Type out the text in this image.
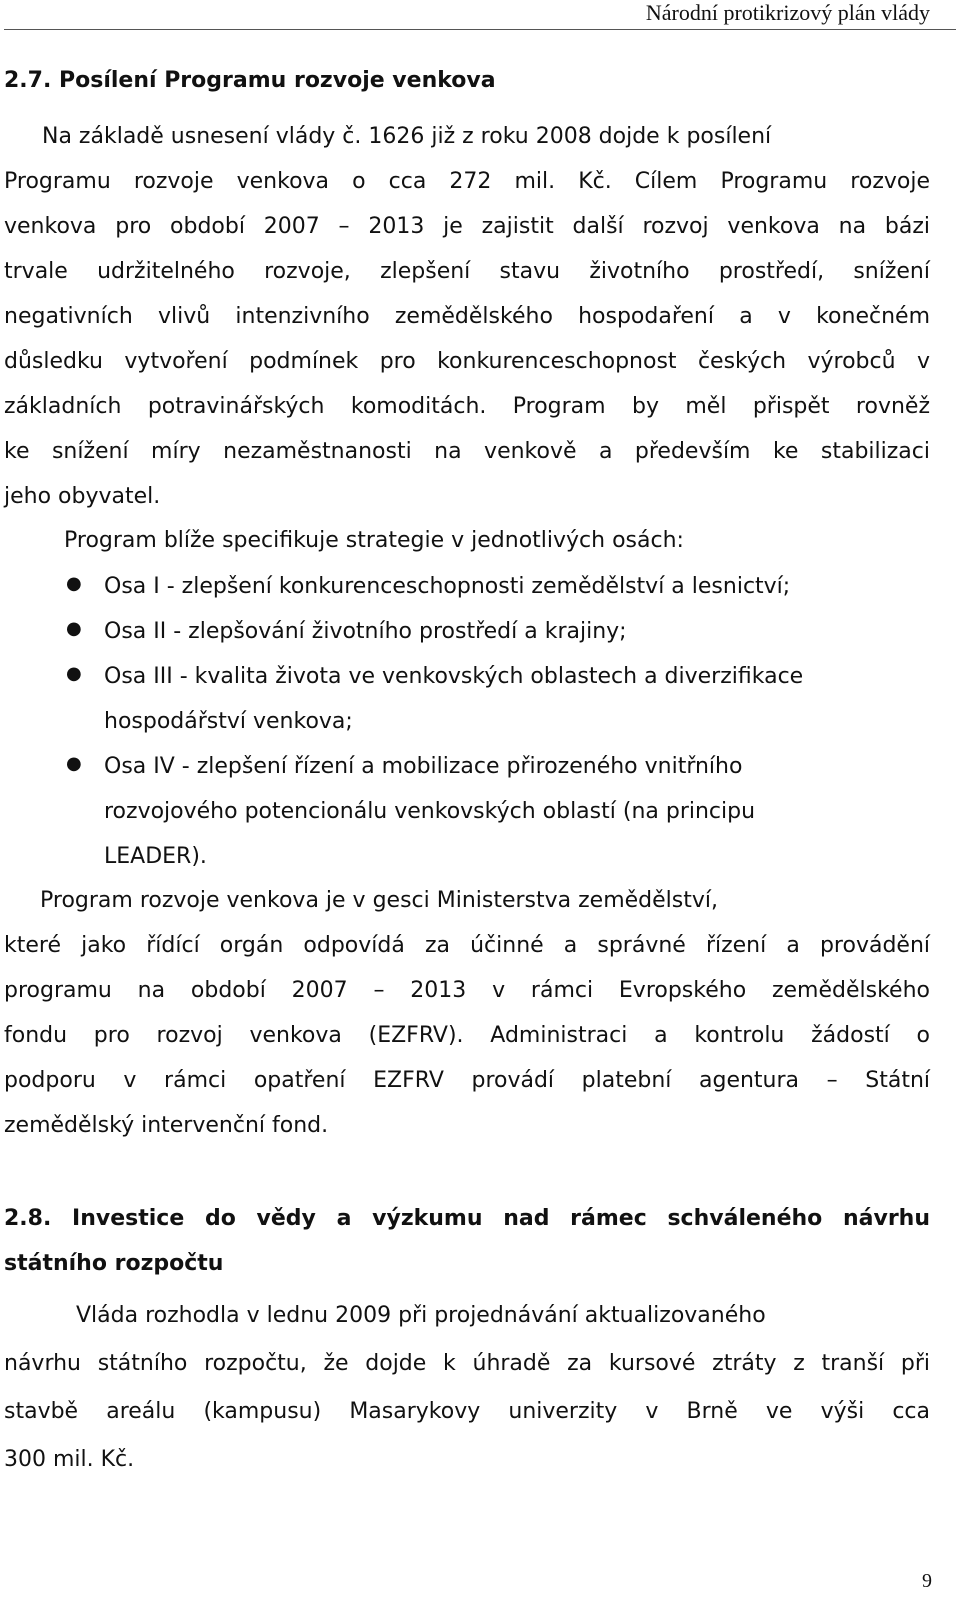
Národní protikrizový plán vlády
2.7. Posílení Programu rozvoje venkova
Na základě usnesení vlády č. 1626 již z roku 2008 dojde k posílení
Programu rozvoje venkova o cca 272 mil. Kč. Cílem Programu rozvoje
venkova pro období 2007 – 2013 je zajistit další rozvoj venkova na bázi
trvale udržitelného rozvoje, zlepšení stavu životního prostředí, snížení
negativních vlivů intenzivního zemědělského hospodaření a v konečném
důsledku vytvoření podmínek pro konkurenceschopnost českých výrobců v
základních potravinářských komoditách. Program by měl přispět rovněž
ke snížení míry nezaměstnanosti na venkově a především ke stabilizaci
jeho obyvatel.
Program blíže specifikuje strategie v jednotlivých osách:
● Osa I - zlepšení konkurenceschopnosti zemědělství a lesnictví;
● Osa II - zlepšování životního prostředí a krajiny;
● Osa III - kvalita života ve venkovských oblastech a diverzifikace
hospodářství venkova;
● Osa IV - zlepšení řízení a mobilizace přirozeného vnitřního
rozvojového potencionálu venkovských oblastí (na principu
LEADER).
Program rozvoje venkova je v gesci Ministerstva zemědělství,
které jako řídící orgán odpovídá za účinné a správné řízení a provádění
programu na období 2007 – 2013 v rámci Evropského zemědělského
fondu pro rozvoj venkova (EZFRV). Administraci a kontrolu žádostí o
podporu v rámci opatření EZFRV provádí platební agentura – Státní
zemědělský intervenční fond.
2.8. Investice do vědy a výzkumu nad rámec schváleného návrhu
státního rozpočtu
Vláda rozhodla v lednu 2009 při projednávání aktualizovaného
návrhu státního rozpočtu, že dojde k úhradě za kursové ztráty z tranší při
stavbě areálu (kampusu) Masarykovy univerzity v Brně ve výši cca
300 mil. Kč.
9
